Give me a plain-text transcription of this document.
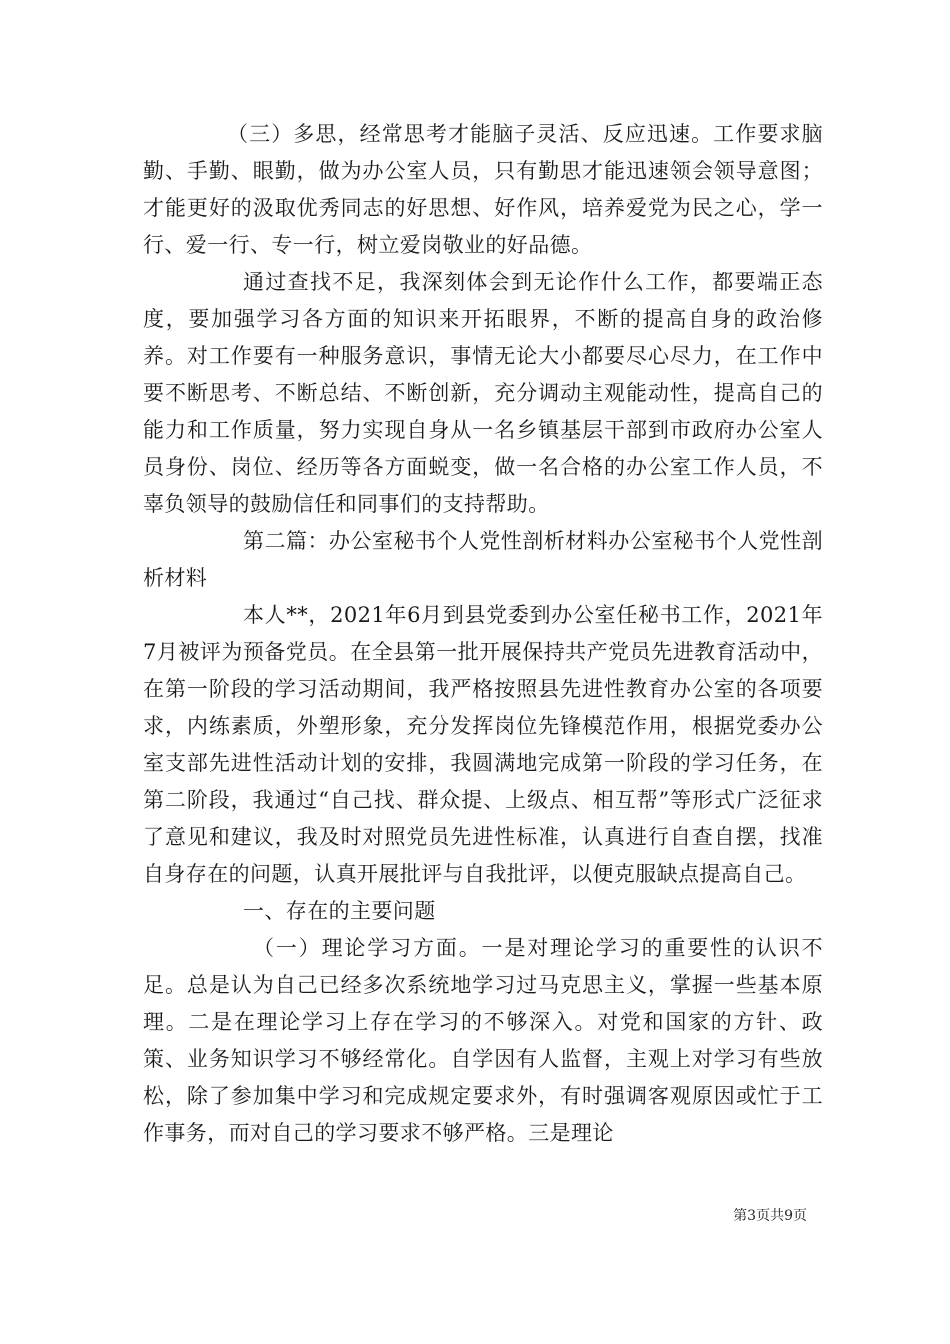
（三）多思，经常思考才能脑子灵活、反应迅速。工作要求脑勤、手勤、眼勤，做为办公室人员，只有勤思才能迅速领会领导意图；才能更好的汲取优秀同志的好思想、好作风，培养爱党为民之心，学一行、爱一行、专一行，树立爱岗敬业的好品德。

通过查找不足，我深刻体会到无论作什么工作，都要端正态度，要加强学习各方面的知识来开拓眼界，不断的提高自身的政治修养。对工作要有一种服务意识，事情无论大小都要尽心尽力，在工作中要不断思考、不断总结、不断创新，充分调动主观能动性，提高自己的能力和工作质量，努力实现自身从一名乡镇基层干部到市政府办公室人员身份、岗位、经历等各方面蜕变，做一名合格的办公室工作人员，不辜负领导的鼓励信任和同事们的支持帮助。

第二篇：办公室秘书个人党性剖析材料办公室秘书个人党性剖析材料

本人**，2021年6月到县党委到办公室任秘书工作，2021年7月被评为预备党员。在全县第一批开展保持共产党员先进教育活动中，在第一阶段的学习活动期间，我严格按照县先进性教育办公室的各项要求，内练素质，外塑形象，充分发挥岗位先锋模范作用，根据党委办公室支部先进性活动计划的安排，我圆满地完成第一阶段的学习任务，在第二阶段，我通过“自己找、群众提、上级点、相互帮”等形式广泛征求了意见和建议，我及时对照党员先进性标准，认真进行自查自摆，找准自身存在的问题，认真开展批评与自我批评，以便克服缺点提高自己。

一、存在的主要问题

（一）理论学习方面。一是对理论学习的重要性的认识不足。总是认为自己已经多次系统地学习过马克思主义，掌握一些基本原理。二是在理论学习上存在学习的不够深入。对党和国家的方针、政策、业务知识学习不够经常化。自学因有人监督，主观上对学习有些放松，除了参加集中学习和完成规定要求外，有时强调客观原因或忙于工作事务，而对自己的学习要求不够严格。三是理论

第3页共9页
